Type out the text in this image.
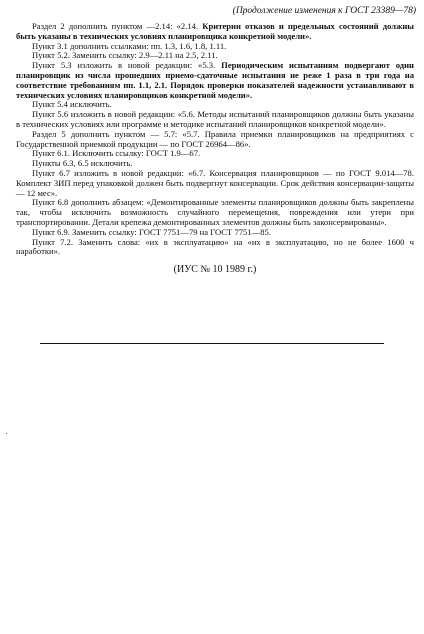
(Продолжение изменения к ГОСТ 23389—78)

Раздел 2 дополнить пунктом —2.14: «2.14. Критерии отказов и предельных состояний должны быть указаны в технических условиях планировщика конкретной модели».

Пункт 3.1 дополнить ссылками: пп. 1.3, 1.6, 1.8, 1.11.

Пункт 5.2. Заменить ссылку: 2.9—2.11 на 2.5, 2.11.

Пункт 5.3 изложить в новой редакции: «5.3. Периодическим испытаниям подвергают один планировщик из числа прошедших приемо-сдаточные испытания не реже 1 раза в три года на соответствие требованиям пп. 1.1, 2.1. Порядок проверки показателей надежности устанавливают в технических условиях планировщиков конкретной модели».

Пункт 5.4 исключить.

Пункт 5.6 изложить в новой редакции: «5.6. Методы испытаний планировщиков должны быть указаны в технических условиях или программе и методике испытаний планировщиков конкретной модели».

Раздел 5 дополнить пунктом — 5.7: «5.7. Правила приемки планировщиков на предприятиях с Государственной приемкой продукции — по ГОСТ 26964—86».

Пункт 6.1. Исключить ссылку: ГОСТ 1.9—67.

Пункты 6.3, 6.5 исключить.

Пункт 6.7 изложить в новой редакции: «6.7. Консервация планировщиков — по ГОСТ 9.014—78. Комплект ЗИП перед упаковкой должен быть подвергнут консервации. Срок действия консервации-защиты — 12 мес».

Пункт 6.8 дополнить абзацем: «Демонтированные элементы планировщиков должны быть закреплены так, чтобы исключить возможность случайного перемещения, повреждения или утери при транспортировании. Детали крепежа демонтированных элементов должны быть законсервированы».

Пункт 6.9. Заменить ссылку: ГОСТ 7751—79 на ГОСТ 7751—85.

Пункт 7.2. Заменить слова: «их в эксплуатацию» на «их в эксплуатацию, но не более 1600 ч наработки».

(ИУС № 10 1989 г.)
